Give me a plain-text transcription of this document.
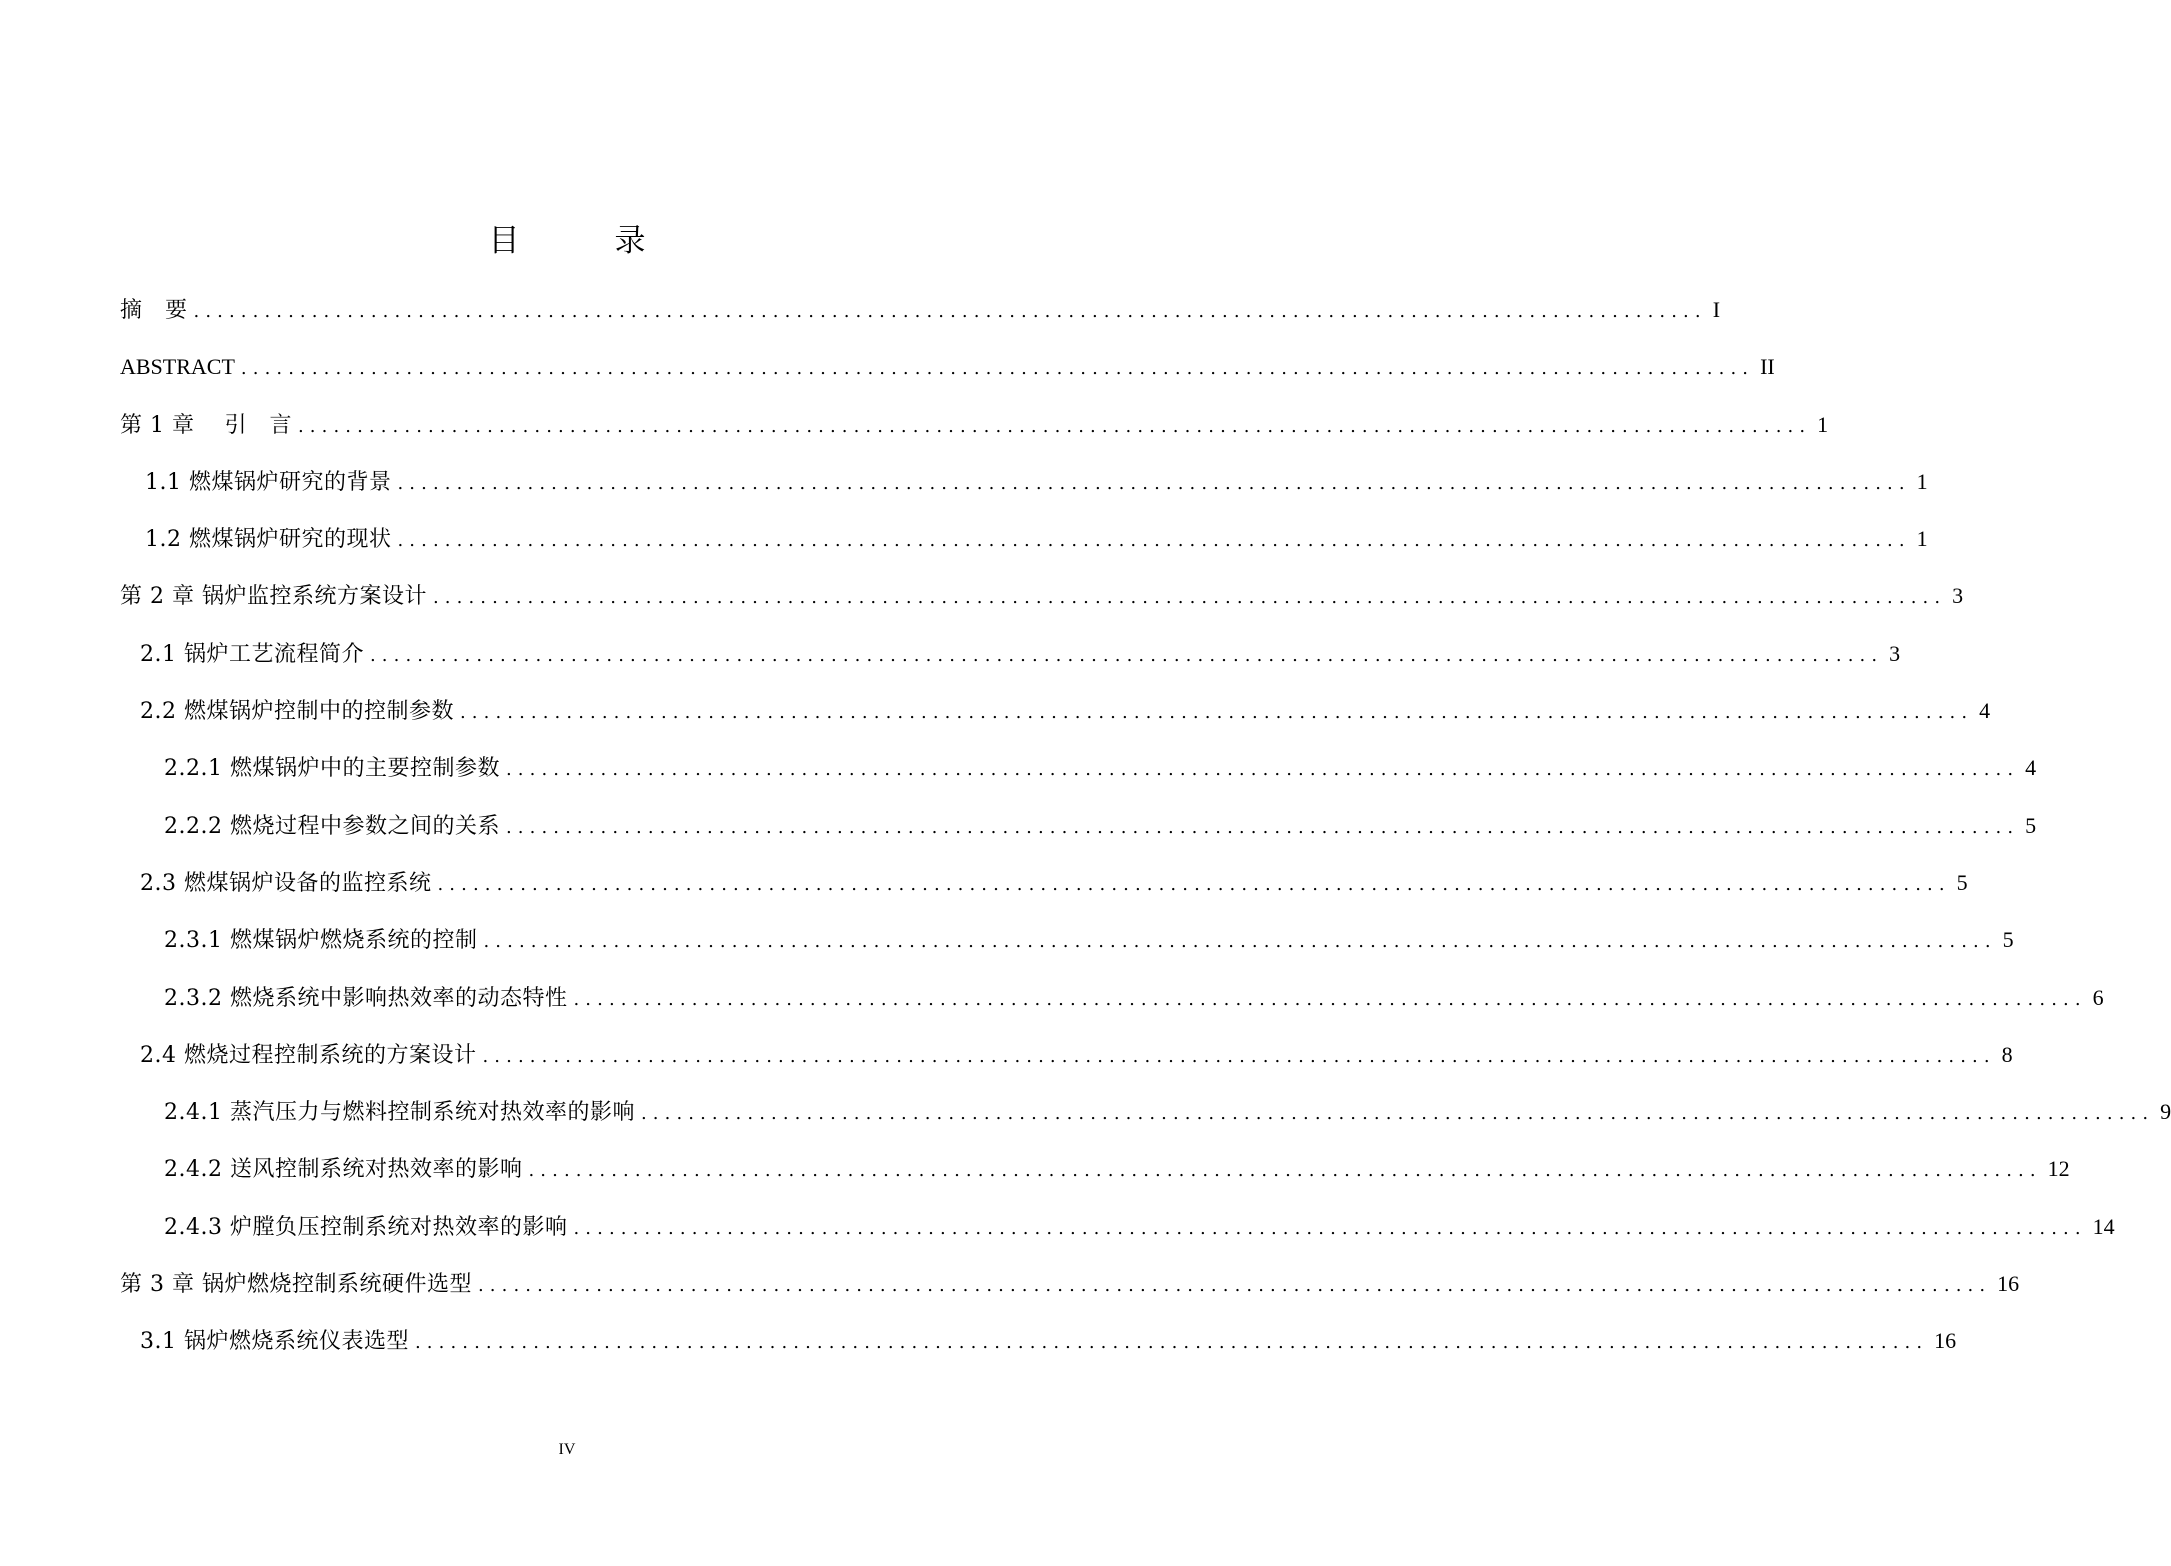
目　录
摘　要 ................................................................................................................................ I
ABSTRACT ................................................................................................................................ II
第 1 章　 引　言 ................................................................................................................................ 1
1.1 燃煤锅炉研究的背景 ................................................................................................................................ 1
1.2 燃煤锅炉研究的现状 ................................................................................................................................ 1
第 2 章 锅炉监控系统方案设计 ................................................................................................................................ 3
2.1 锅炉工艺流程简介 ................................................................................................................................ 3
2.2 燃煤锅炉控制中的控制参数 ................................................................................................................................ 4
2.2.1 燃煤锅炉中的主要控制参数 ................................................................................................................................ 4
2.2.2 燃烧过程中参数之间的关系 ................................................................................................................................ 5
2.3 燃煤锅炉设备的监控系统 ................................................................................................................................ 5
2.3.1 燃煤锅炉燃烧系统的控制 ................................................................................................................................ 5
2.3.2 燃烧系统中影响热效率的动态特性 ................................................................................................................................ 6
2.4 燃烧过程控制系统的方案设计 ................................................................................................................................ 8
2.4.1 蒸汽压力与燃料控制系统对热效率的影响 ................................................................................................................................ 9
2.4.2 送风控制系统对热效率的影响 ................................................................................................................................ 12
2.4.3 炉膛负压控制系统对热效率的影响 ................................................................................................................................ 14
第 3 章 锅炉燃烧控制系统硬件选型 ................................................................................................................................ 16
3.1 锅炉燃烧系统仪表选型 ................................................................................................................................ 16
IV
